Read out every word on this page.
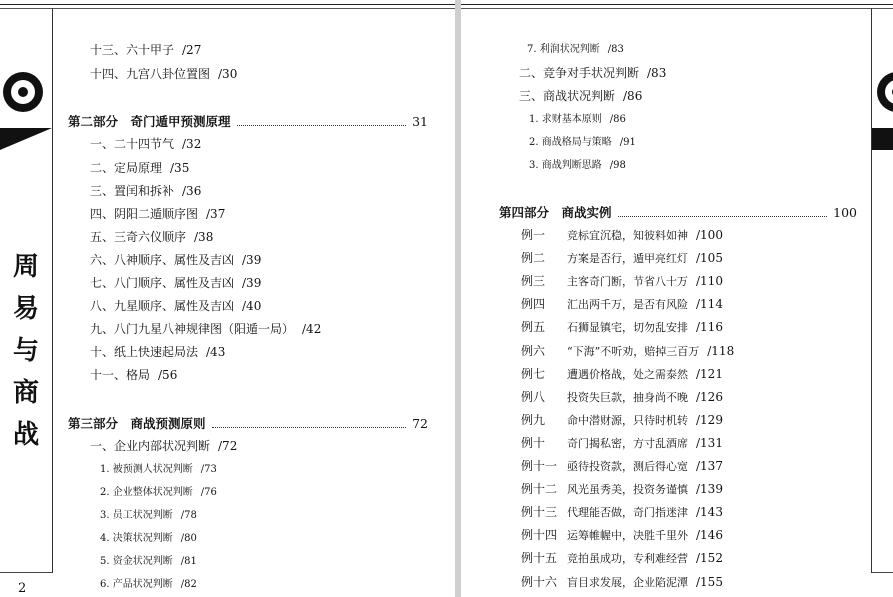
周
易
与
商
战
2
十三、六十甲子 /27
十四、九宫八卦位置图 /30
第二部分　奇门遁甲预测原理	31
一、二十四节气 /32
二、定局原理 /35
三、置闰和拆补 /36
四、阴阳二遁顺序图 /37
五、三奇六仪顺序 /38
六、八神顺序、属性及吉凶 /39
七、八门顺序、属性及吉凶 /39
八、九星顺序、属性及吉凶 /40
九、八门九星八神规律图（阳遁一局） /42
十、纸上快速起局法 /43
十一、格局 /56
第三部分　商战预测原则	72
一、企业内部状况判断 /72
1. 被预测人状况判断 /73
2. 企业整体状况判断 /76
3. 员工状况判断 /78
4. 决策状况判断 /80
5. 资金状况判断 /81
6. 产品状况判断 /82
7. 利润状况判断 /83
二、竞争对手状况判断 /83
三、商战状况判断 /86
1. 求财基本原则 /86
2. 商战格局与策略 /91
3. 商战判断思路 /98
第四部分　商战实例	100
例一 竞标宜沉稳，知彼料如神 /100
例二 方案是否行，遁甲亮红灯 /105
例三 主客奇门断，节省八十万 /110
例四 汇出两千万，是否有风险 /114
例五 石狮显镇宅，切勿乱安排 /116
例六 “下海”不听劝，赔掉三百万 /118
例七 遭遇价格战，处之需泰然 /121
例八 投资失巨款，抽身尚不晚 /126
例九 命中潜财源，只待时机转 /129
例十 奇门揭私密，方寸乱酒席 /131
例十一 亟待投资款，测后得心宽 /137
例十二 风光虽秀美，投资务谨慎 /139
例十三 代理能否做，奇门指迷津 /143
例十四 运筹帷幄中，决胜千里外 /146
例十五 竞拍虽成功，专利难经营 /152
例十六 盲目求发展，企业陷泥潭 /155
